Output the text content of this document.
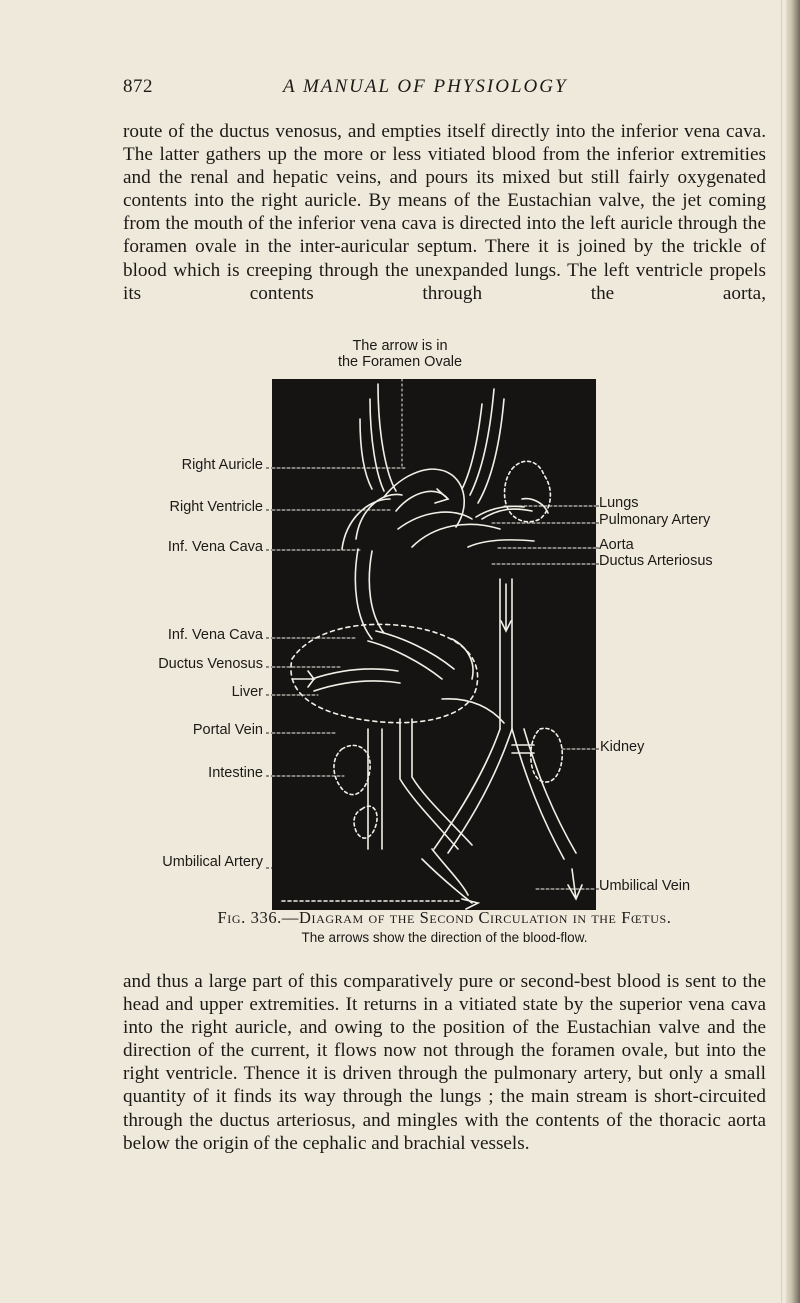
872	A MANUAL OF PHYSIOLOGY

route of the ductus venosus, and empties itself directly into the inferior vena cava. The latter gathers up the more or less vitiated blood from the inferior extremities and the renal and hepatic veins, and pours its mixed but still fairly oxygenated contents into the right auricle. By means of the Eustachian valve, the jet coming from the mouth of the inferior vena cava is directed into the left auricle through the foramen ovale in the inter-auricular septum. There it is joined by the trickle of blood which is creeping through the unexpanded lungs. The left ventricle propels its contents through the aorta,

The arrow is in
the Foramen Ovale
Right Auricle
Right Ventricle
Inf. Vena Cava
Inf. Vena Cava
Ductus Venosus
Liver
Portal Vein
Intestine
Umbilical Artery
Lungs
Pulmonary Artery
Aorta
Ductus Arteriosus
Kidney
Umbilical Vein
Fig. 336.—Diagram of the Second Circulation in the Fœtus.
The arrows show the direction of the blood-flow.

and thus a large part of this comparatively pure or second-best blood is sent to the head and upper extremities. It returns in a vitiated state by the superior vena cava into the right auricle, and owing to the position of the Eustachian valve and the direction of the current, it flows now not through the foramen ovale, but into the right ventricle. Thence it is driven through the pulmonary artery, but only a small quantity of it finds its way through the lungs ; the main stream is short-circuited through the ductus arteriosus, and mingles with the contents of the thoracic aorta below the origin of the cephalic and brachial vessels.
